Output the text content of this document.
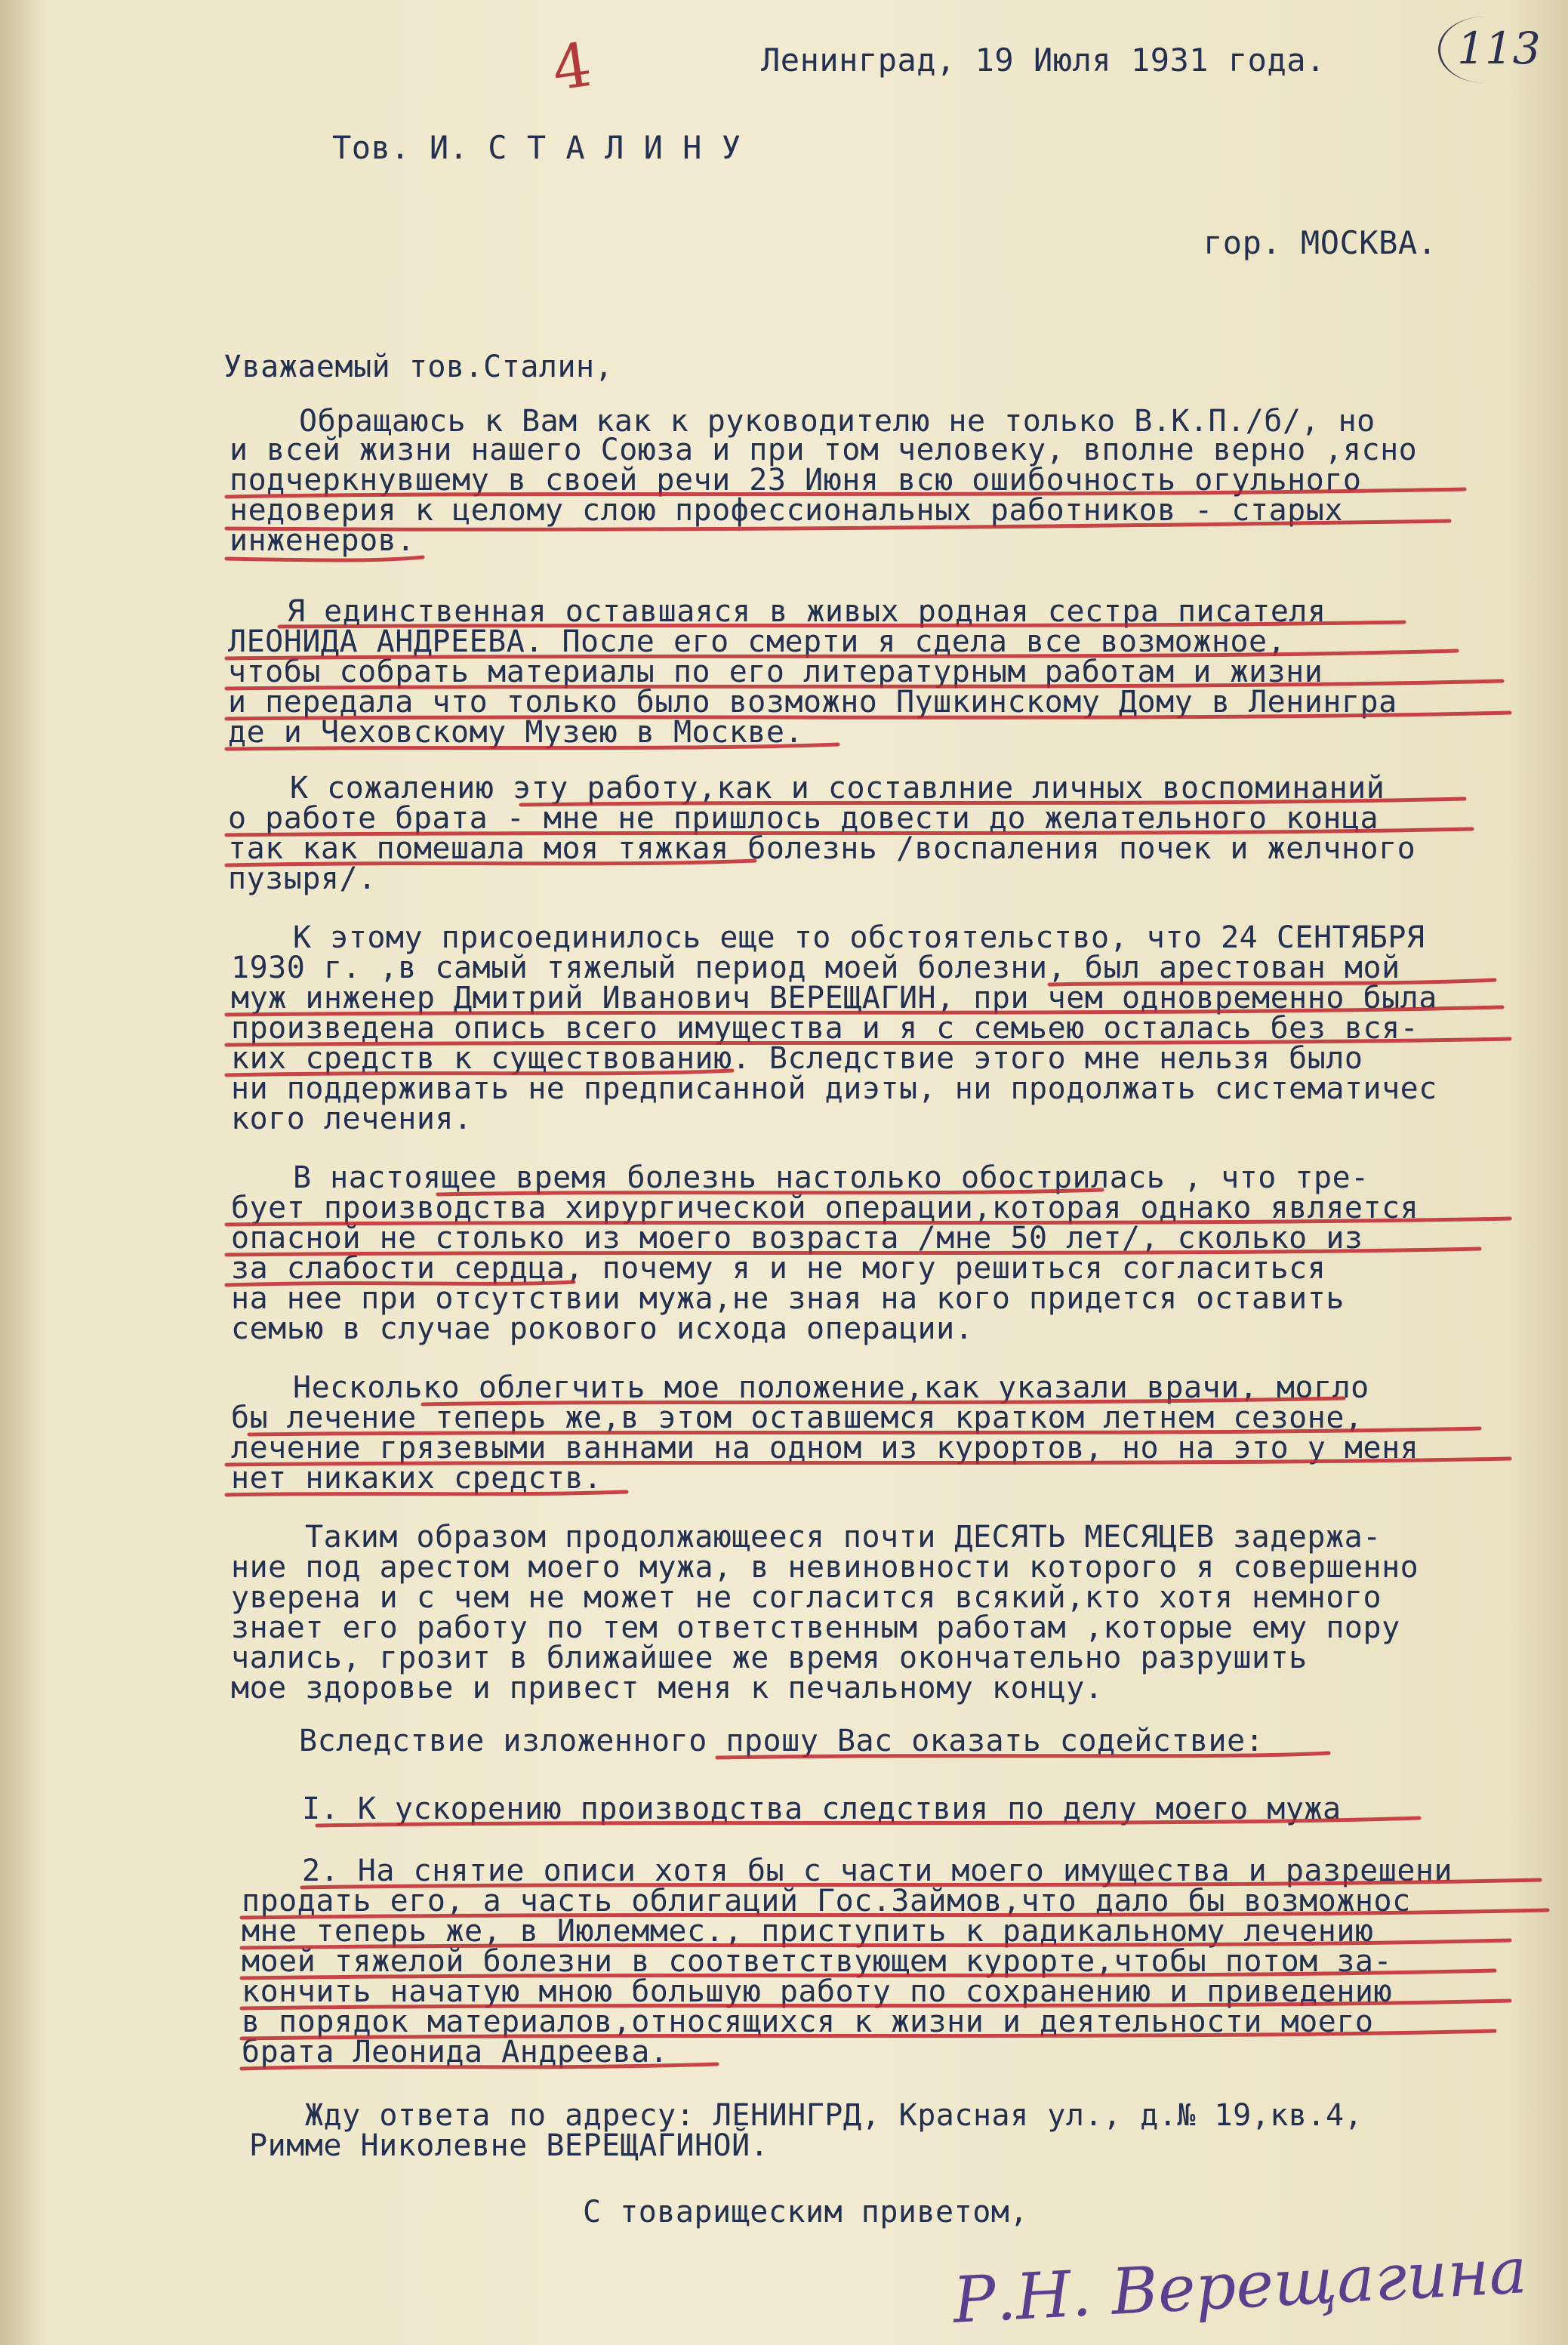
4	Ленинград, 19 Июля 1931 года.	113
Тов. И. С Т А Л И Н У
гор. МОСКВА.
Уважаемый тов.Сталин,
Обращаюсь к Вам как к руководителю не только В.К.П./б/, но
и всей жизни нашего Союза и при том человеку, вполне верно ,ясно
подчеркнувшему в своей речи 23 Июня всю ошибочность огульного
недоверия к целому слою профессиональных работников - старых
инженеров.
Я единственная оставшаяся в живых родная сестра писателя
ЛЕОНИДА АНДРЕЕВА. После его смерти я сдела все возможное,
чтобы собрать материалы по его литературным работам и жизни
и передала что только было возможно Пушкинскому Дому в Ленингра
де и Чеховскому Музею в Москве.
К сожалению эту работу,как и составлние личных воспоминаний
о работе брата - мне не пришлось довести до желательного конца
так как помешала моя тяжкая болезнь /воспаления почек и желчного
пузыря/.
К этому присоединилось еще то обстоятельство, что 24 СЕНТЯБРЯ
1930 г. ,в самый тяжелый период моей болезни, был арестован мой
муж инженер Дмитрий Иванович ВЕРЕЩАГИН, при чем одновременно была
произведена опись всего имущества и я с семьею осталась без вся-
ких средств к существованию. Вследствие этого мне нельзя было
ни поддерживать не предписанной диэты, ни продолжать систематичес
кого лечения.
В настоящее время болезнь настолько обострилась , что тре-
бует производства хирургической операции,которая однако является
опасной не столько из моего возраста /мне 50 лет/, сколько из
за слабости сердца, почему я и не могу решиться согласиться
на нее при отсутствии мужа,не зная на кого придется оставить
семью в случае рокового исхода операции.
Несколько облегчить мое положение,как указали врачи, могло
бы лечение теперь же,в этом оставшемся кратком летнем сезоне,
лечение грязевыми ваннами на одном из курортов, но на это у меня
нет никаких средств.
Таким образом продолжающееся почти ДЕСЯТЬ МЕСЯЦЕВ задержа-
ние под арестом моего мужа, в невиновности которого я совершенно
уверена и с чем не может не согласится всякий,кто хотя немного
знает его работу по тем ответственным работам ,которые ему пору
чались, грозит в ближайшее же время окончательно разрушить
мое здоровье и привест меня к печальному концу.
Вследствие изложенного прошу Вас оказать содействие:
I. К ускорению производства следствия по делу моего мужа
2. На снятие описи хотя бы с части моего имущества и разрешени
продать его, а часть облигаций Гос.Займов,что дало бы возможнос
мне теперь же, в Июлеммес., приступить к радикальному лечению
моей тяжелой болезни в соответствующем курорте,чтобы потом за-
кончить начатую мною большую работу по сохранению и приведению
в порядок материалов,относящихся к жизни и деятельности моего
брата Леонида Андреева.
Жду ответа по адресу: ЛЕНИНГРД, Красная ул., д.№ 19,кв.4,
Римме Николевне ВЕРЕЩАГИНОЙ.
С товарищеским приветом,
Р.Н. Верещагина
